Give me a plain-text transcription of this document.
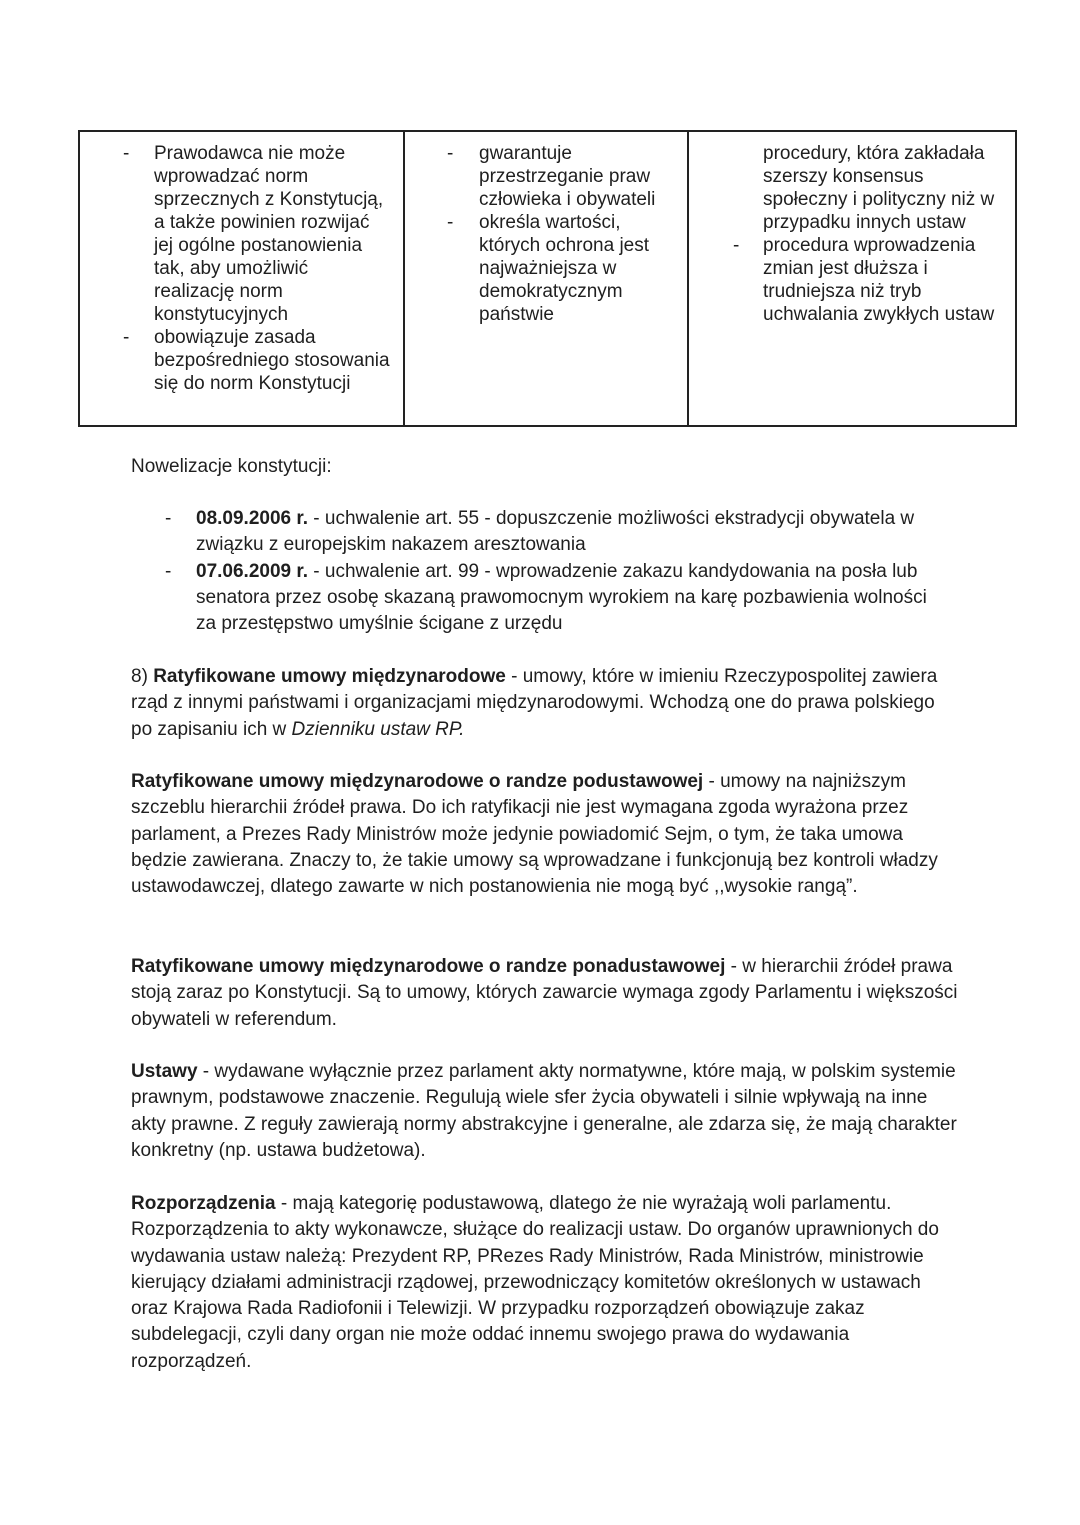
- Prawodawca nie może wprowadzać norm sprzecznych z Konstytucją, a także powinien rozwijać jej ogólne postanowienia tak, aby umożliwić realizację norm konstytucyjnych
- obowiązuje zasada bezpośredniego stosowania się do norm Konstytucji
- gwarantuje przestrzeganie praw człowieka i obywateli
- określa wartości, których ochrona jest najważniejsza w demokratycznym państwie
procedury, która zakładała szerszy konsensus społeczny i polityczny niż w przypadku innych ustaw
- procedura wprowadzenia zmian jest dłuższa i trudniejsza niż tryb uchwalania zwykłych ustaw

Nowelizacje konstytucji:

- 08.09.2006 r. - uchwalenie art. 55 - dopuszczenie możliwości ekstradycji obywatela w związku z europejskim nakazem aresztowania
- 07.06.2009 r. - uchwalenie art. 99 - wprowadzenie zakazu kandydowania na posła lub senatora przez osobę skazaną prawomocnym wyrokiem na karę pozbawienia wolności za przestępstwo umyślnie ścigane z urzędu

8) Ratyfikowane umowy międzynarodowe - umowy, które w imieniu Rzeczypospolitej zawiera rząd z innymi państwami i organizacjami międzynarodowymi. Wchodzą one do prawa polskiego po zapisaniu ich w Dzienniku ustaw RP.

Ratyfikowane umowy międzynarodowe o randze podustawowej - umowy na najniższym szczeblu hierarchii źródeł prawa. Do ich ratyfikacji nie jest wymagana zgoda wyrażona przez parlament, a Prezes Rady Ministrów może jedynie powiadomić Sejm, o tym, że taka umowa będzie zawierana. Znaczy to, że takie umowy są wprowadzane i funkcjonują bez kontroli władzy ustawodawczej, dlatego zawarte w nich postanowienia nie mogą być ,,wysokie rangą”.

Ratyfikowane umowy międzynarodowe o randze ponadustawowej - w hierarchii źródeł prawa stoją zaraz po Konstytucji. Są to umowy, których zawarcie wymaga zgody Parlamentu i większości obywateli w referendum.

Ustawy - wydawane wyłącznie przez parlament akty normatywne, które mają, w polskim systemie prawnym, podstawowe znaczenie. Regulują wiele sfer życia obywateli i silnie wpływają na inne akty prawne. Z reguły zawierają normy abstrakcyjne i generalne, ale zdarza się, że mają charakter konkretny (np. ustawa budżetowa).

Rozporządzenia - mają kategorię podustawową, dlatego że nie wyrażają woli parlamentu. Rozporządzenia to akty wykonawcze, służące do realizacji ustaw. Do organów uprawnionych do wydawania ustaw należą: Prezydent RP, PRezes Rady Ministrów, Rada Ministrów, ministrowie kierujący działami administracji rządowej, przewodniczący komitetów określonych w ustawach oraz Krajowa Rada Radiofonii i Telewizji. W przypadku rozporządzeń obowiązuje zakaz subdelegacji, czyli dany organ nie może oddać innemu swojego prawa do wydawania rozporządzeń.
